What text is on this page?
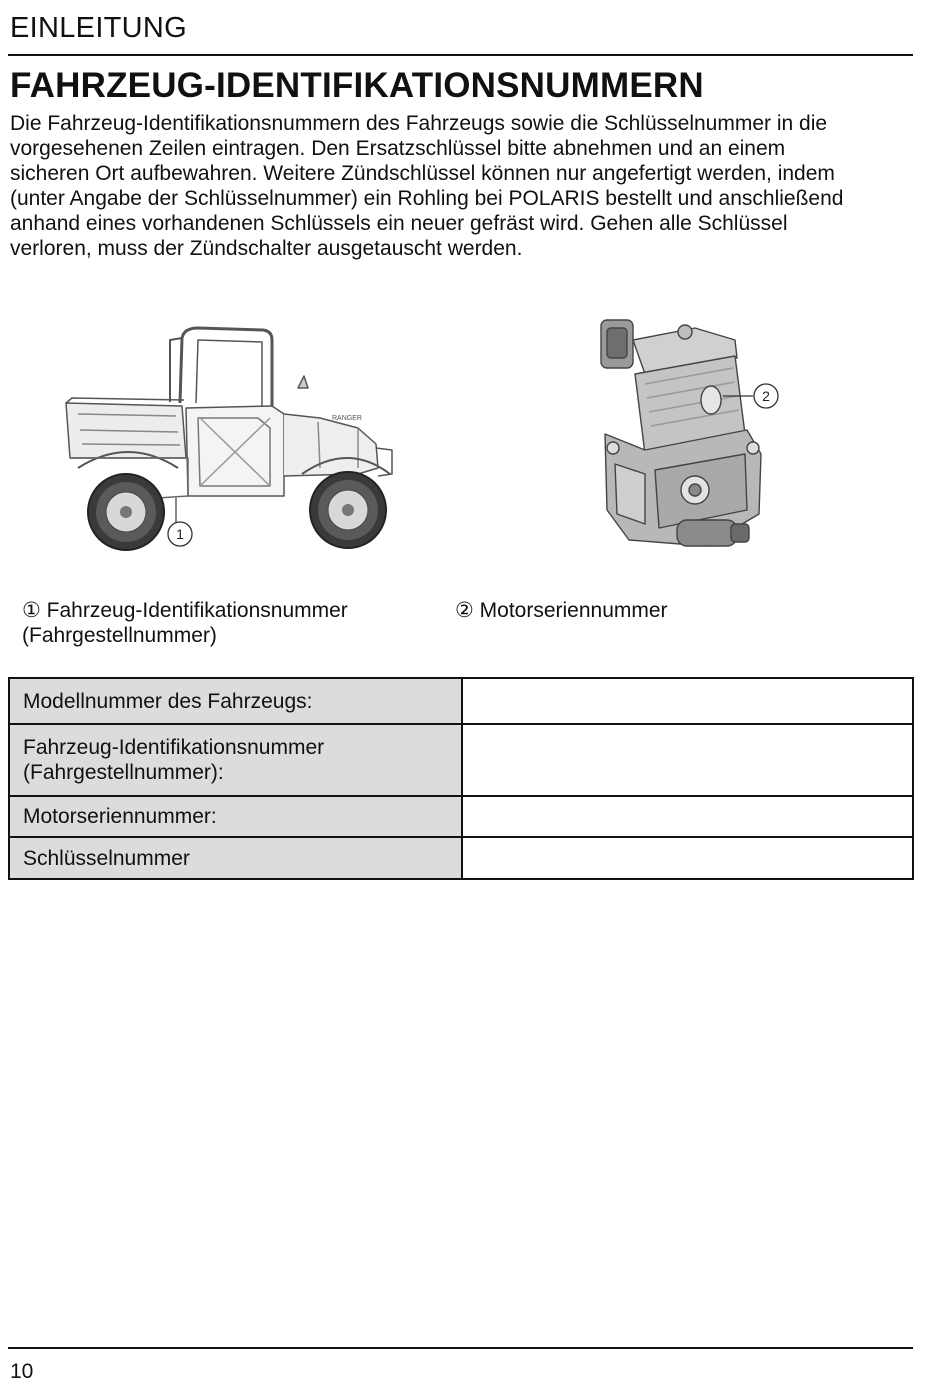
EINLEITUNG
FAHRZEUG-IDENTIFIKATIONSNUMMERN

Die Fahrzeug-Identifikationsnummern des Fahrzeugs sowie die Schlüsselnummer in die
vorgesehenen Zeilen eintragen. Den Ersatzschlüssel bitte abnehmen und an einem
sicheren Ort aufbewahren. Weitere Zündschlüssel können nur angefertigt werden, indem
(unter Angabe der Schlüsselnummer) ein Rohling bei POLARIS bestellt und anschließend
anhand eines vorhandenen Schlüssels ein neuer gefräst wird. Gehen alle Schlüssel
verloren, muss der Zündschalter ausgetauscht werden.

RANGER
1
2
① Fahrzeug-Identifikationsnummer
(Fahrgestellnummer)
② Motorseriennummer
Modellnummer des Fahrzeugs:	
Fahrzeug-Identifikationsnummer
(Fahrgestellnummer):	
Motorseriennummer:	
Schlüsselnummer	
10
